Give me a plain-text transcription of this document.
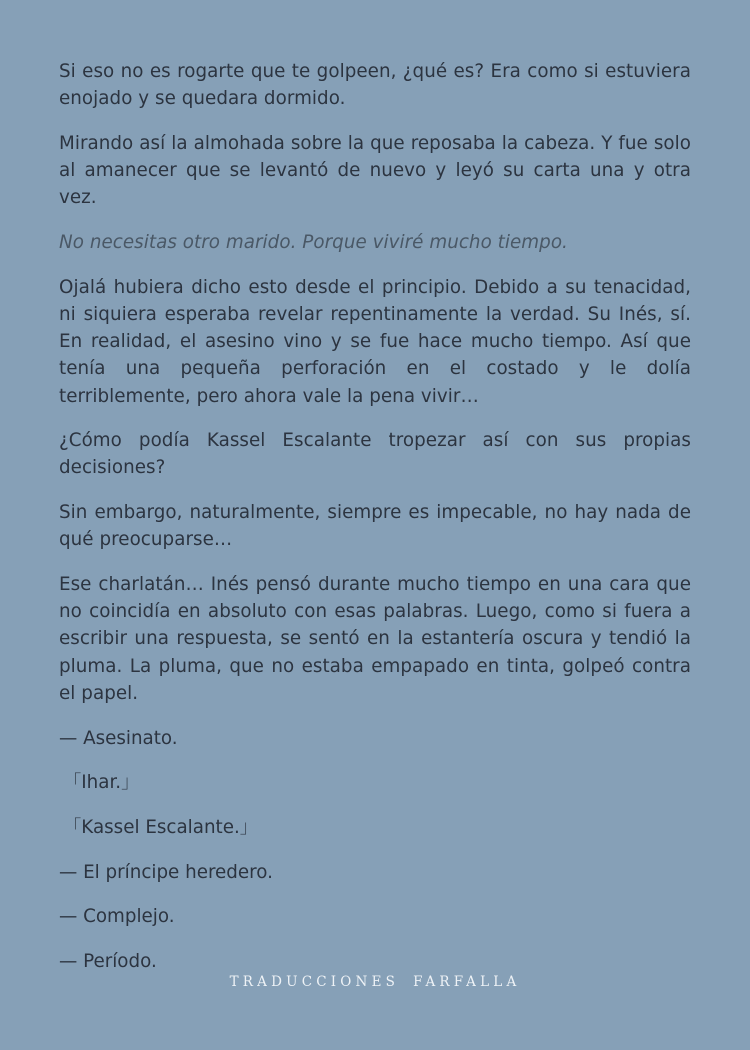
Si eso no es rogarte que te golpeen, ¿qué es? Era como si estuviera enojado y se quedara dormido.

Mirando así la almohada sobre la que reposaba la cabeza. Y fue solo al amanecer que se levantó de nuevo y leyó su carta una y otra vez.

No necesitas otro marido. Porque viviré mucho tiempo.

Ojalá hubiera dicho esto desde el principio. Debido a su tenacidad, ni siquiera esperaba revelar repentinamente la verdad. Su Inés, sí. En realidad, el asesino vino y se fue hace mucho tiempo. Así que tenía una pequeña perforación en el costado y le dolía terriblemente, pero ahora vale la pena vivir…

¿Cómo podía Kassel Escalante tropezar así con sus propias decisiones?

Sin embargo, naturalmente, siempre es impecable, no hay nada de qué preocuparse…

Ese charlatán… Inés pensó durante mucho tiempo en una cara que no coincidía en absoluto con esas palabras. Luego, como si fuera a escribir una respuesta, se sentó en la estantería oscura y tendió la pluma. La pluma, que no estaba empapado en tinta, golpeó contra el papel.

— Asesinato.

「Ihar.」

「Kassel Escalante.」

— El príncipe heredero.

— Complejo.

— Período.

TRADUCCIONES FARFALLA
